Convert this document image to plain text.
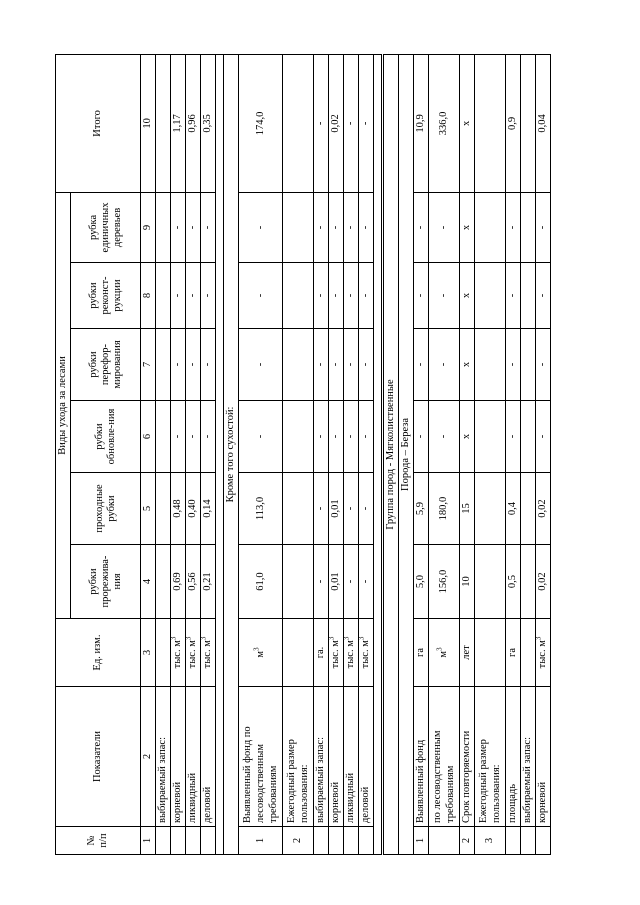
№ п/п	Показатели	Ед. изм.	Виды ухода за лесами						Итого
			рубки прорежива-ния	проходные рубки	рубки обновле-ния	рубки перефор-мирования	рубки реконст-рукции	рубка единичных деревьев	
1	2	3	4	5	6	7	8	9	10
	выбираемый запас:								
	корневой	тыс. $м^3$	0,69	0,48	-	-	-	-	1,17
	ликвидный	тыс. $м^3$	0,56	0,40	-	-	-	-	0,96
	деловой	тыс. $м^3$	0,21	0,14	-	-	-	-	0,35

Кроме того сухостой:									
1	Выявленный фонд по лесоводственным требованиям	$м^3$	61,0	113,0	-	-	-	-	174,0
2	Ежегодный размер пользования:								
	выбираемый запас:	га.	-	-	-	-	-	-	-
	корневой	тыс. $м^3$	0,01	0,01	-	-	-	-	0,02
	ликвидный	тыс. $м^3$	-	-	-	-	-	-	-
	деловой	тыс. $м^3$	-	-	-	-	-	-	-

Группа пород - Мягколиственные									
Порода – Береза									
1	Выявленный фонд	га	5,0	5,9	-	-	-	-	10,9
	по лесоводственным требованиям	$м^3$	156,0	180,0	-	-	-	-	336,0
2	Срок повторяемости	лет	10	15	х	х	х	х	х
3	Ежегодный размер пользования:								
	площадь	га	0,5	0,4	-	-	-	-	0,9
	выбираемый запас:								
	корневой	тыс. $м^3$	0,02	0,02	-	-	-	-	0,04
